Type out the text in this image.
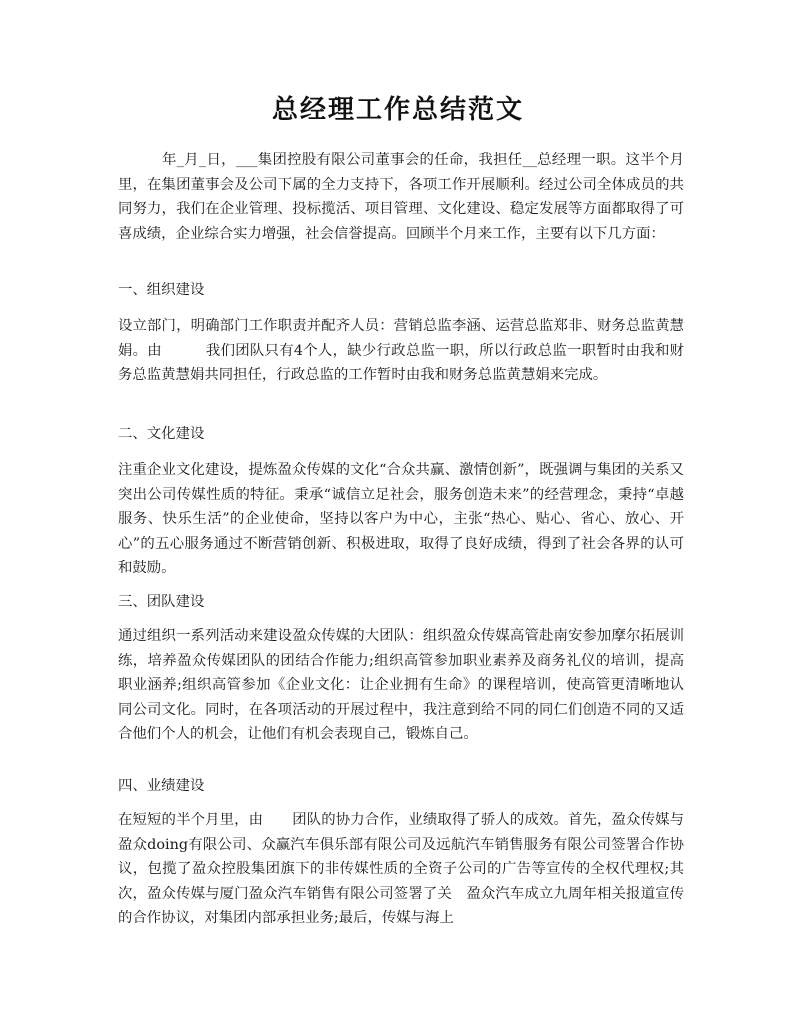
总经理工作总结范文

年_月_日，___集团控股有限公司董事会的任命，我担任__总经理一职。这半个月里，在集团董事会及公司下属的全力支持下，各项工作开展顺利。经过公司全体成员的共同努力，我们在企业管理、投标揽活、项目管理、文化建设、稳定发展等方面都取得了可喜成绩，企业综合实力增强，社会信誉提高。回顾半个月来工作，主要有以下几方面：

一、组织建设

设立部门，明确部门工作职责并配齐人员：营销总监李涵、运营总监郑非、财务总监黄慧娟。由　　　我们团队只有4个人，缺少行政总监一职，所以行政总监一职暂时由我和财务总监黄慧娟共同担任，行政总监的工作暂时由我和财务总监黄慧娟来完成。

二、文化建设

注重企业文化建设，提炼盈众传媒的文化“合众共赢、激情创新”，既强调与集团的关系又突出公司传媒性质的特征。秉承“诚信立足社会，服务创造未来”的经营理念，秉持“卓越服务、快乐生活”的企业使命，坚持以客户为中心，主张“热心、贴心、省心、放心、开心”的五心服务通过不断营销创新、积极进取，取得了良好成绩，得到了社会各界的认可和鼓励。

三、团队建设

通过组织一系列活动来建设盈众传媒的大团队：组织盈众传媒高管赴南安参加摩尔拓展训练，培养盈众传媒团队的团结合作能力;组织高管参加职业素养及商务礼仪的培训，提高职业涵养;组织高管参加《企业文化：让企业拥有生命》的课程培训，使高管更清晰地认同公司文化。同时，在各项活动的开展过程中，我注意到给不同的同仁们创造不同的又适合他们个人的机会，让他们有机会表现自己，锻炼自己。

四、业绩建设

在短短的半个月里，由　　团队的协力合作，业绩取得了骄人的成效。首先，盈众传媒与盈众doing有限公司、众赢汽车俱乐部有限公司及远航汽车销售服务有限公司签署合作协议，包揽了盈众控股集团旗下的非传媒性质的全资子公司的广告等宣传的全权代理权;其次，盈众传媒与厦门盈众汽车销售有限公司签署了关　盈众汽车成立九周年相关报道宣传的合作协议，对集团内部承担业务;最后，传媒与海上
